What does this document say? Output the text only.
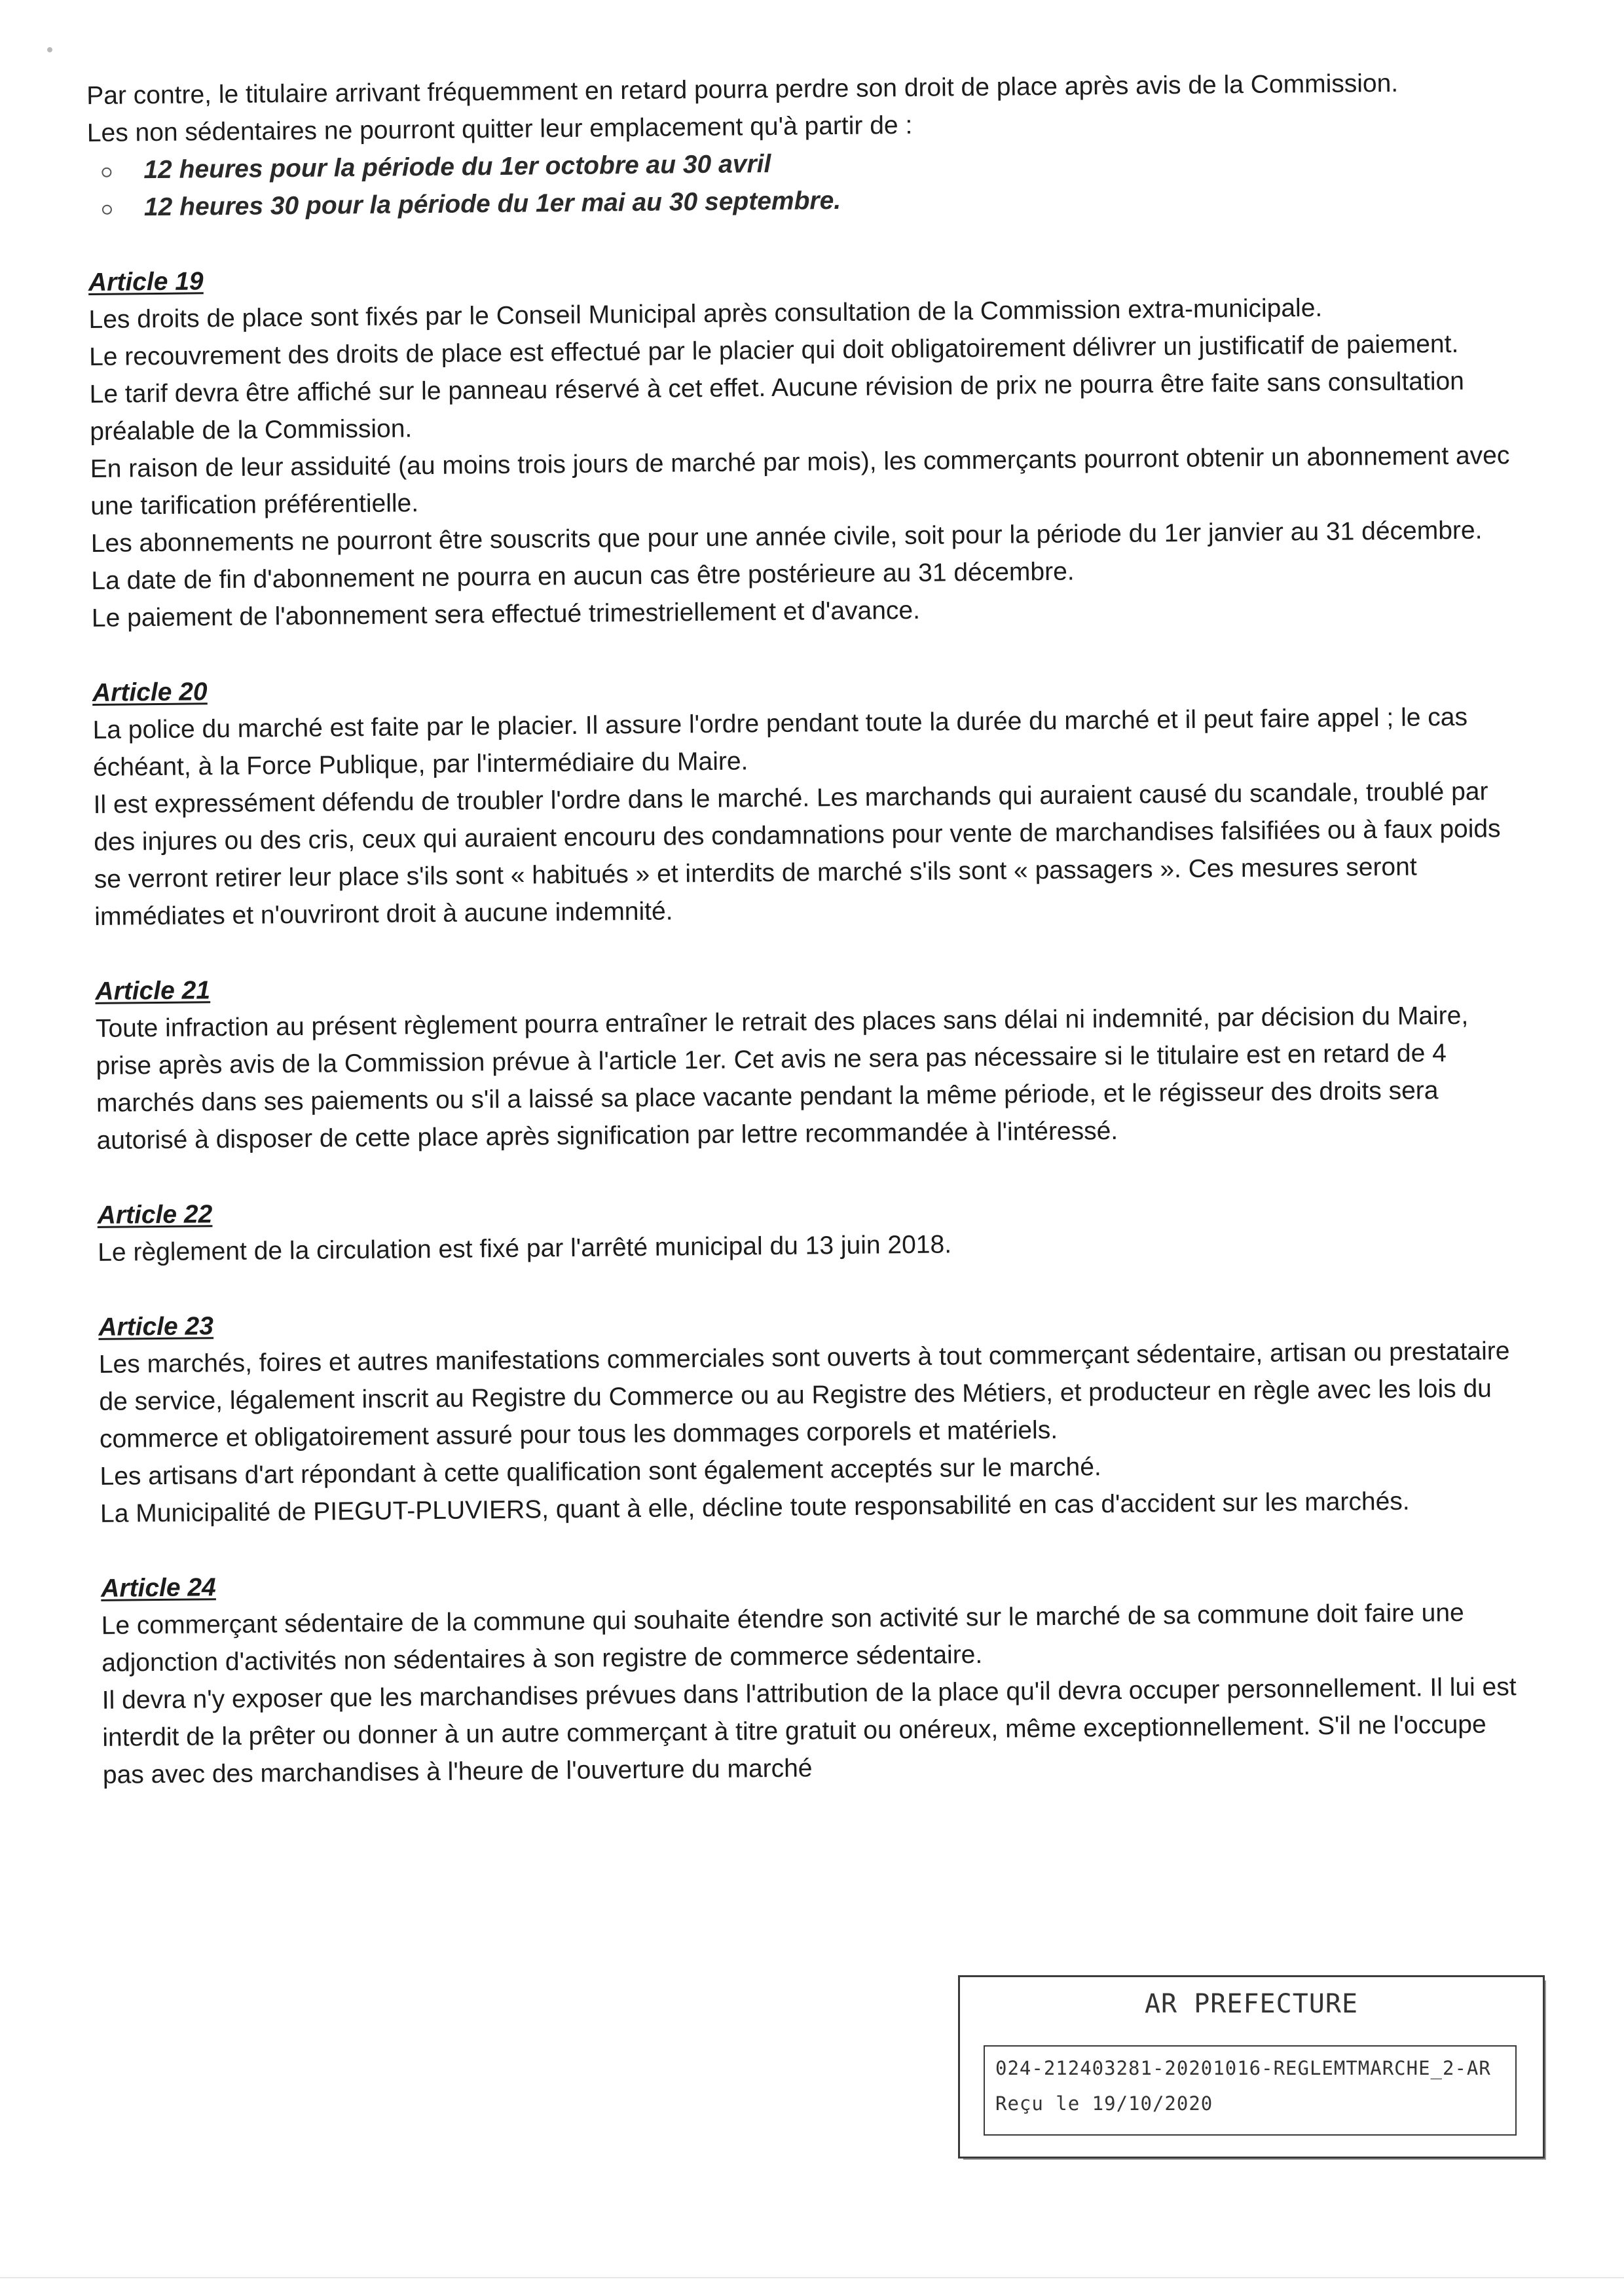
Par contre, le titulaire arrivant fréquemment en retard pourra perdre son droit de place après avis de la Commission.

Les non sédentaires ne pourront quitter leur emplacement qu'à partir de :

12 heures pour la période du 1er octobre au 30 avril
12 heures 30 pour la période du 1er mai au 30 septembre.

Article 19

Les droits de place sont fixés par le Conseil Municipal après consultation de la Commission extra-municipale.

Le recouvrement des droits de place est effectué par le placier qui doit obligatoirement délivrer un justificatif de paiement.

Le tarif devra être affiché sur le panneau réservé à cet effet. Aucune révision de prix ne pourra être faite sans consultation préalable de la Commission.

En raison de leur assiduité (au moins trois jours de marché par mois), les commerçants pourront obtenir un abonnement avec une tarification préférentielle.

Les abonnements ne pourront être souscrits que pour une année civile, soit pour la période du 1er janvier au 31 décembre. La date de fin d'abonnement ne pourra en aucun cas être postérieure au 31 décembre.

Le paiement de l'abonnement sera effectué trimestriellement et d'avance.

Article 20

La police du marché est faite par le placier. Il assure l'ordre pendant toute la durée du marché et il peut faire appel ; le cas échéant, à la Force Publique, par l'intermédiaire du Maire.

Il est expressément défendu de troubler l'ordre dans le marché. Les marchands qui auraient causé du scandale, troublé par des injures ou des cris, ceux qui auraient encouru des condamnations pour vente de marchandises falsifiées ou à faux poids se verront retirer leur place s'ils sont « habitués » et interdits de marché s'ils sont « passagers ». Ces mesures seront immédiates et n'ouvriront droit à aucune indemnité.

Article 21

Toute infraction au présent règlement pourra entraîner le retrait des places sans délai ni indemnité, par décision du Maire, prise après avis de la Commission prévue à l'article 1er. Cet avis ne sera pas nécessaire si le titulaire est en retard de 4 marchés dans ses paiements ou s'il a laissé sa place vacante pendant la même période, et le régisseur des droits sera autorisé à disposer de cette place après signification par lettre recommandée à l'intéressé.

Article 22

Le règlement de la circulation est fixé par l'arrêté municipal du 13 juin 2018.

Article 23

Les marchés, foires et autres manifestations commerciales sont ouverts à tout commerçant sédentaire, artisan ou prestataire de service, légalement inscrit au Registre du Commerce ou au Registre des Métiers, et producteur en règle avec les lois du commerce et obligatoirement assuré pour tous les dommages corporels et matériels.

Les artisans d'art répondant à cette qualification sont également acceptés sur le marché.

La Municipalité de PIEGUT-PLUVIERS, quant à elle, décline toute responsabilité en cas d'accident sur les marchés.

Article 24

Le commerçant sédentaire de la commune qui souhaite étendre son activité sur le marché de sa commune doit faire une adjonction d'activités non sédentaires à son registre de commerce sédentaire.

Il devra n'y exposer que les marchandises prévues dans l'attribution de la place qu'il devra occuper personnellement. Il lui est interdit de la prêter ou donner à un autre commerçant à titre gratuit ou onéreux, même exceptionnellement. S'il ne l'occupe pas avec des marchandises à l'heure de l'ouverture du marché

AR PREFECTURE
024-212403281-20201016-REGLEMTMARCHE_2-AR
Reçu le 19/10/2020
